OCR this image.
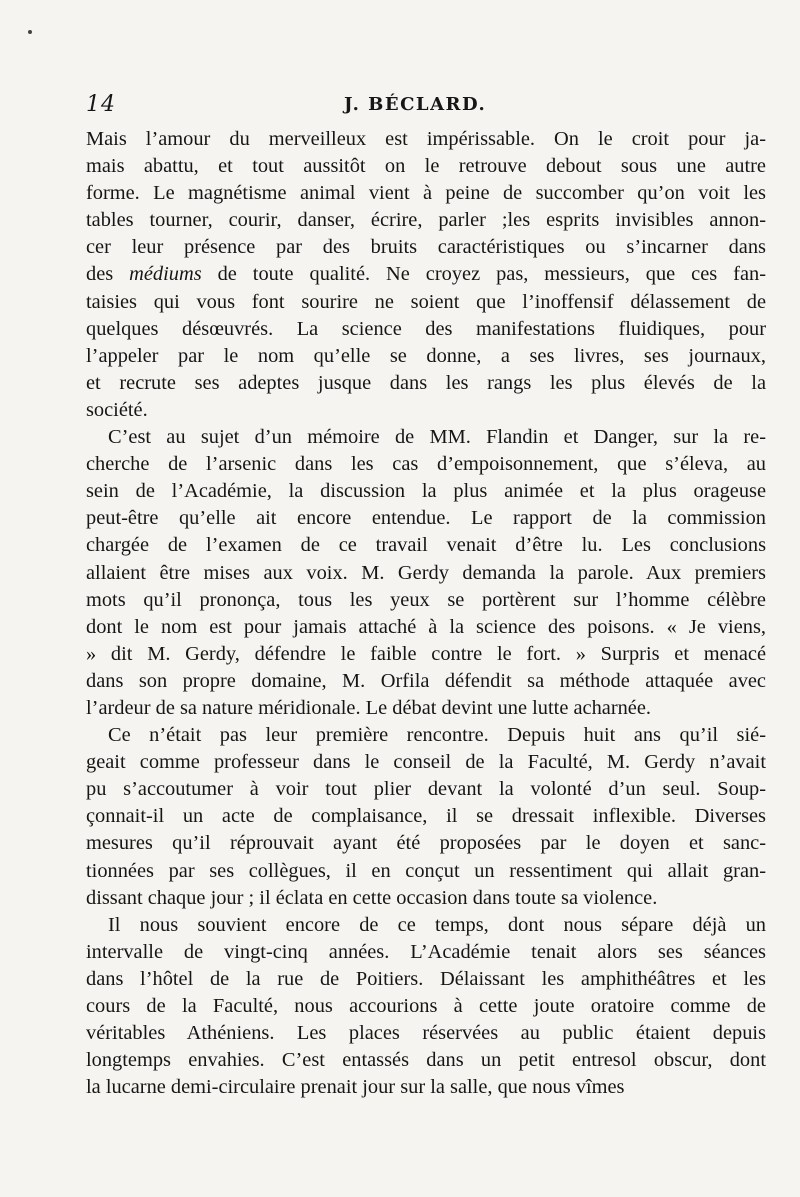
14	J. BÉCLARD.

Mais l’amour du merveilleux est impérissable. On le croit pour ja-
mais abattu, et tout aussitôt on le retrouve debout sous une autre
forme. Le magnétisme animal vient à peine de succomber qu’on voit les
tables tourner, courir, danser, écrire, parler ;les esprits invisibles annon-
cer leur présence par des bruits caractéristiques ou s’incarner dans
des médiums de toute qualité. Ne croyez pas, messieurs, que ces fan-
taisies qui vous font sourire ne soient que l’inoffensif délassement de
quelques désœuvrés. La science des manifestations fluidiques, pour
l’appeler par le nom qu’elle se donne, a ses livres, ses journaux,
et recrute ses adeptes jusque dans les rangs les plus élevés de la
société.

C’est au sujet d’un mémoire de MM. Flandin et Danger, sur la re-
cherche de l’arsenic dans les cas d’empoisonnement, que s’éleva, au
sein de l’Académie, la discussion la plus animée et la plus orageuse
peut-être qu’elle ait encore entendue. Le rapport de la commission
chargée de l’examen de ce travail venait d’être lu. Les conclusions
allaient être mises aux voix. M. Gerdy demanda la parole. Aux premiers
mots qu’il prononça, tous les yeux se portèrent sur l’homme célèbre
dont le nom est pour jamais attaché à la science des poisons. « Je viens,
» dit M. Gerdy, défendre le faible contre le fort. » Surpris et menacé
dans son propre domaine, M. Orfila défendit sa méthode attaquée avec
l’ardeur de sa nature méridionale. Le débat devint une lutte acharnée.

Ce n’était pas leur première rencontre. Depuis huit ans qu’il sié-
geait comme professeur dans le conseil de la Faculté, M. Gerdy n’avait
pu s’accoutumer à voir tout plier devant la volonté d’un seul. Soup-
çonnait-il un acte de complaisance, il se dressait inflexible. Diverses
mesures qu’il réprouvait ayant été proposées par le doyen et sanc-
tionnées par ses collègues, il en conçut un ressentiment qui allait gran-
dissant chaque jour ; il éclata en cette occasion dans toute sa violence.

Il nous souvient encore de ce temps, dont nous sépare déjà un
intervalle de vingt-cinq années. L’Académie tenait alors ses séances
dans l’hôtel de la rue de Poitiers. Délaissant les amphithéâtres et les
cours de la Faculté, nous accourions à cette joute oratoire comme de
véritables Athéniens. Les places réservées au public étaient depuis
longtemps envahies. C’est entassés dans un petit entresol obscur, dont
la lucarne demi-circulaire prenait jour sur la salle, que nous vîmes
